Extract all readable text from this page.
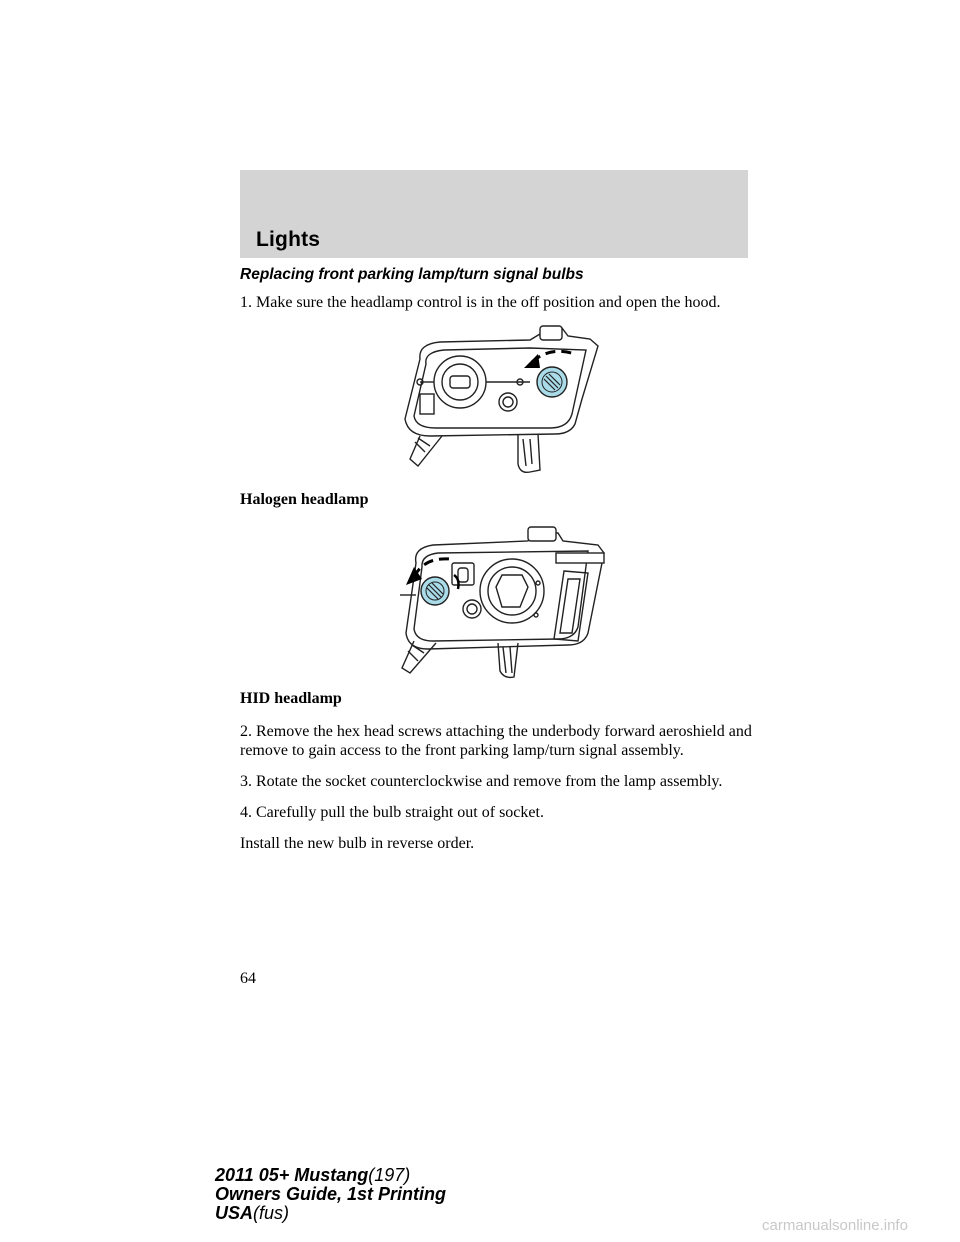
Lights
Replacing front parking lamp/turn signal bulbs

1. Make sure the headlamp control is in the off position and open the hood.

Halogen headlamp
HID headlamp

2. Remove the hex head screws attaching the underbody forward aeroshield and remove to gain access to the front parking lamp/turn signal assembly.

3. Rotate the socket counterclockwise and remove from the lamp assembly.

4. Carefully pull the bulb straight out of socket.

Install the new bulb in reverse order.

64
2011 05+ Mustang(197)
Owners Guide, 1st Printing
USA(fus)
carmanualsonline.info
